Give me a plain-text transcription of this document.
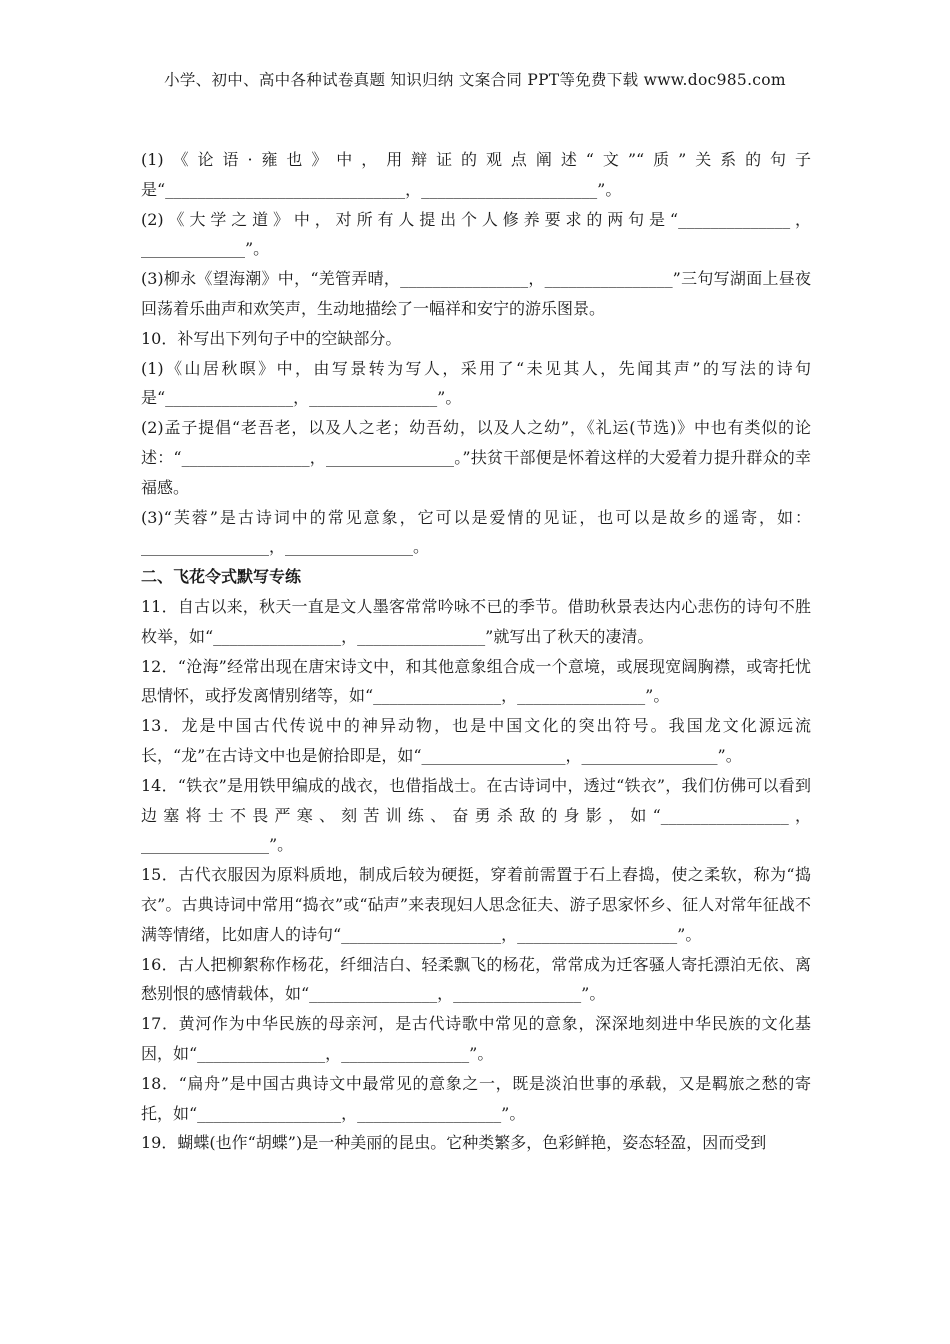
小学、初中、高中各种试卷真题 知识归纳 文案合同 PPT等免费下载 www.doc985.com

(1)《论语·雍也》中，用辩证的观点阐述“文”“质”关系的句子是“______________________________，______________________”。

(2)《大学之道》中，对所有人提出个人修养要求的两句是“______________，_____________”。

(3)柳永《望海潮》中，“羌管弄晴，________________，________________”三句写湖面上昼夜回荡着乐曲声和欢笑声，生动地描绘了一幅祥和安宁的游乐图景。

10．补写出下列句子中的空缺部分。

(1)《山居秋暝》中，由写景转为写人，采用了“未见其人，先闻其声”的写法的诗句是“________________，________________”。

(2)孟子提倡“老吾老，以及人之老；幼吾幼，以及人之幼”，《礼运(节选)》中也有类似的论述：“________________，________________。”扶贫干部便是怀着这样的大爱着力提升群众的幸福感。

(3)“芙蓉”是古诗词中的常见意象，它可以是爱情的见证，也可以是故乡的遥寄，如：________________，________________。

二、飞花令式默写专练

11．自古以来，秋天一直是文人墨客常常吟咏不已的季节。借助秋景表达内心悲伤的诗句不胜枚举，如“________________，________________”就写出了秋天的凄清。

12．“沧海”经常出现在唐宋诗文中，和其他意象组合成一个意境，或展现宽阔胸襟，或寄托忧思情怀，或抒发离情别绪等，如“________________，________________”。

13．龙是中国古代传说中的神异动物，也是中国文化的突出符号。我国龙文化源远流长，“龙”在古诗文中也是俯拾即是，如“__________________，_________________”。

14．“铁衣”是用铁甲编成的战衣，也借指战士。在古诗词中，透过“铁衣”，我们仿佛可以看到边塞将士不畏严寒、刻苦训练、奋勇杀敌的身影，如“________________，________________”。

15．古代衣服因为原料质地，制成后较为硬挺，穿着前需置于石上舂捣，使之柔软，称为“捣衣”。古典诗词中常用“捣衣”或“砧声”来表现妇人思念征夫、游子思家怀乡、征人对常年征战不满等情绪，比如唐人的诗句“____________________，____________________”。

16．古人把柳絮称作杨花，纤细洁白、轻柔飘飞的杨花，常常成为迁客骚人寄托漂泊无依、离愁别恨的感情载体，如“________________，________________”。

17．黄河作为中华民族的母亲河，是古代诗歌中常见的意象，深深地刻进中华民族的文化基因，如“________________，________________”。

18．“扁舟”是中国古典诗文中最常见的意象之一，既是淡泊世事的承载，又是羁旅之愁的寄托，如“__________________，__________________”。

19．蝴蝶(也作“胡蝶”)是一种美丽的昆虫。它种类繁多，色彩鲜艳，姿态轻盈，因而受到
